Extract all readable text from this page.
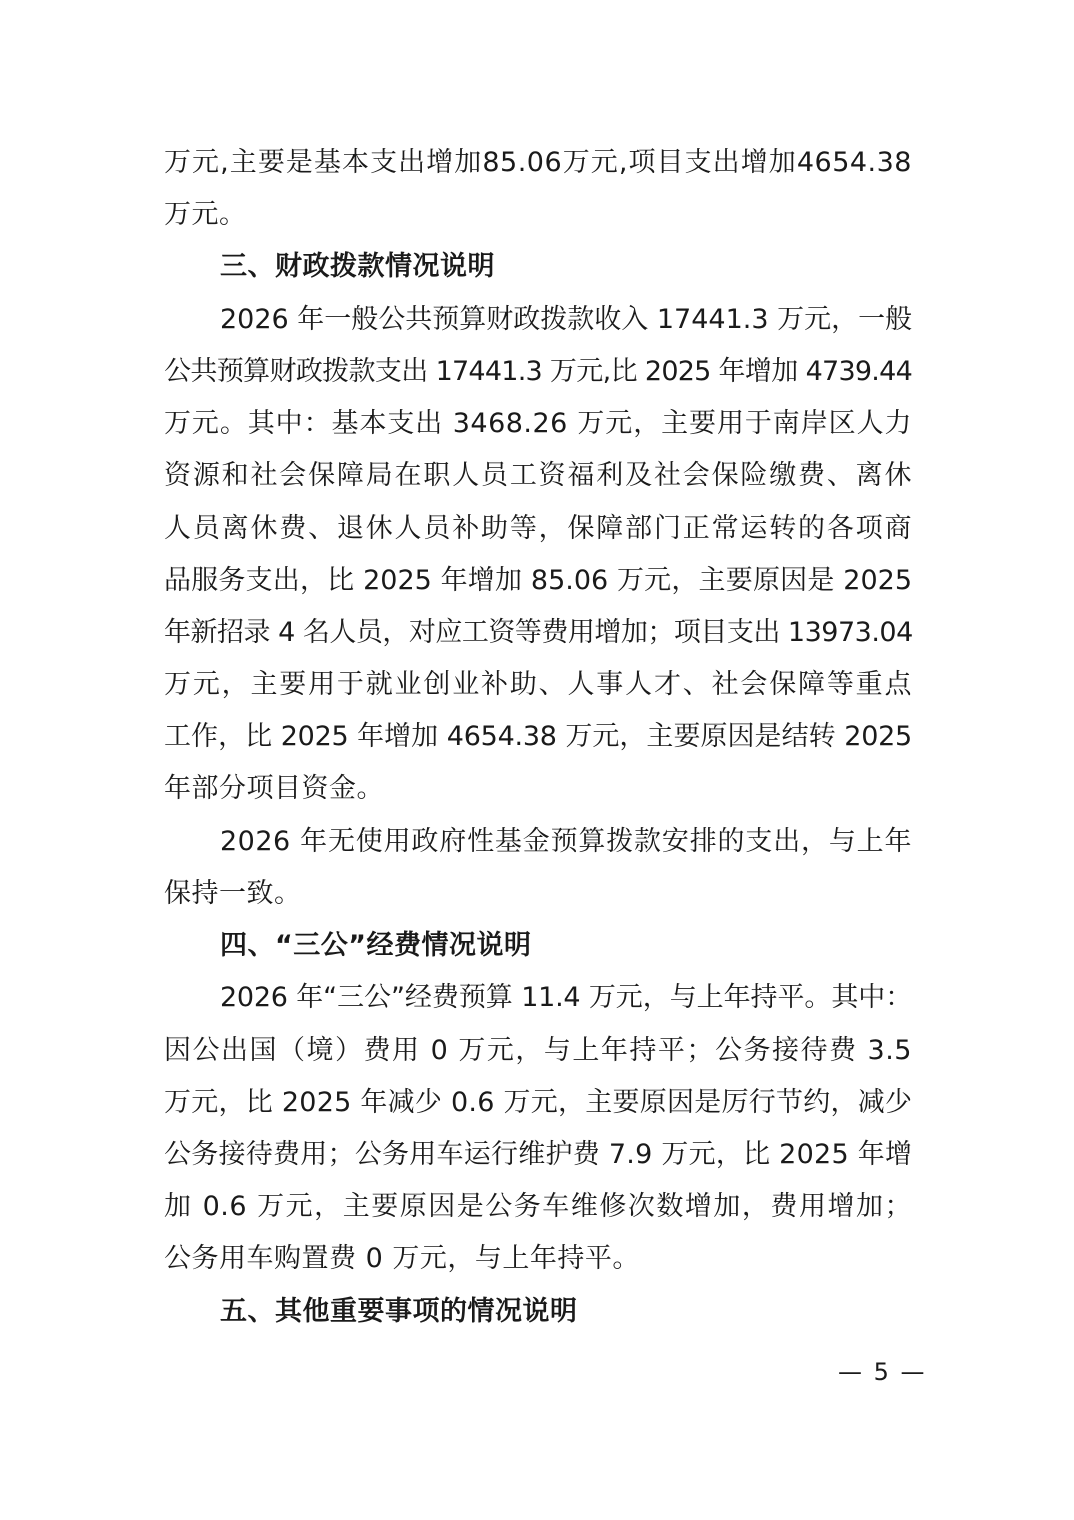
万元,主要是基本支出增加85.06万元,项目支出增加4654.38
万元。
三、财政拨款情况说明
2026 年一般公共预算财政拨款收入 17441.3 万元，一般
公共预算财政拨款支出 17441.3 万元,比 2025 年增加 4739.44
万元。其中：基本支出 3468.26 万元，主要用于南岸区人力
资源和社会保障局在职人员工资福利及社会保险缴费、离休
人员离休费、退休人员补助等，保障部门正常运转的各项商
品服务支出，比 2025 年增加 85.06 万元，主要原因是 2025
年新招录 4 名人员，对应工资等费用增加；项目支出 13973.04
万元，主要用于就业创业补助、人事人才、社会保障等重点
工作，比 2025 年增加 4654.38 万元，主要原因是结转 2025
年部分项目资金。
2026 年无使用政府性基金预算拨款安排的支出，与上年
保持一致。
四、“三公”经费情况说明
2026 年“三公”经费预算 11.4 万元，与上年持平。其中：
因公出国（境）费用 0 万元，与上年持平；公务接待费 3.5
万元，比 2025 年减少 0.6 万元，主要原因是厉行节约，减少
公务接待费用；公务用车运行维护费 7.9 万元，比 2025 年增
加 0.6 万元，主要原因是公务车维修次数增加，费用增加；
公务用车购置费 0 万元，与上年持平。
五、其他重要事项的情况说明
— 5 —
